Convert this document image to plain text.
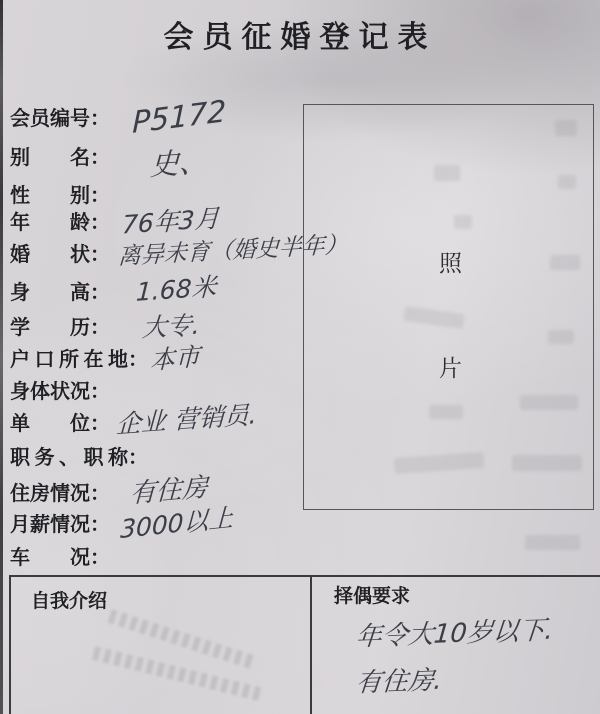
会员征婚登记表
会员编号 ： P5172
别名 ： 史、
性别 ：
年龄 ： 76年3月
婚状 ： 离异未育（婚史半年）
身高 ： 1.68米
学历 ： 大专.
户口所在地 ： 本市
身体状况 ：
单位 ： 企业 营销员.
职务、职称 ：
住房情况 ： 有住房
月薪情况 ： 3000以上
车况 ：
照
片
自我介绍	择偶要求
年令大10岁以下.
有住房.
